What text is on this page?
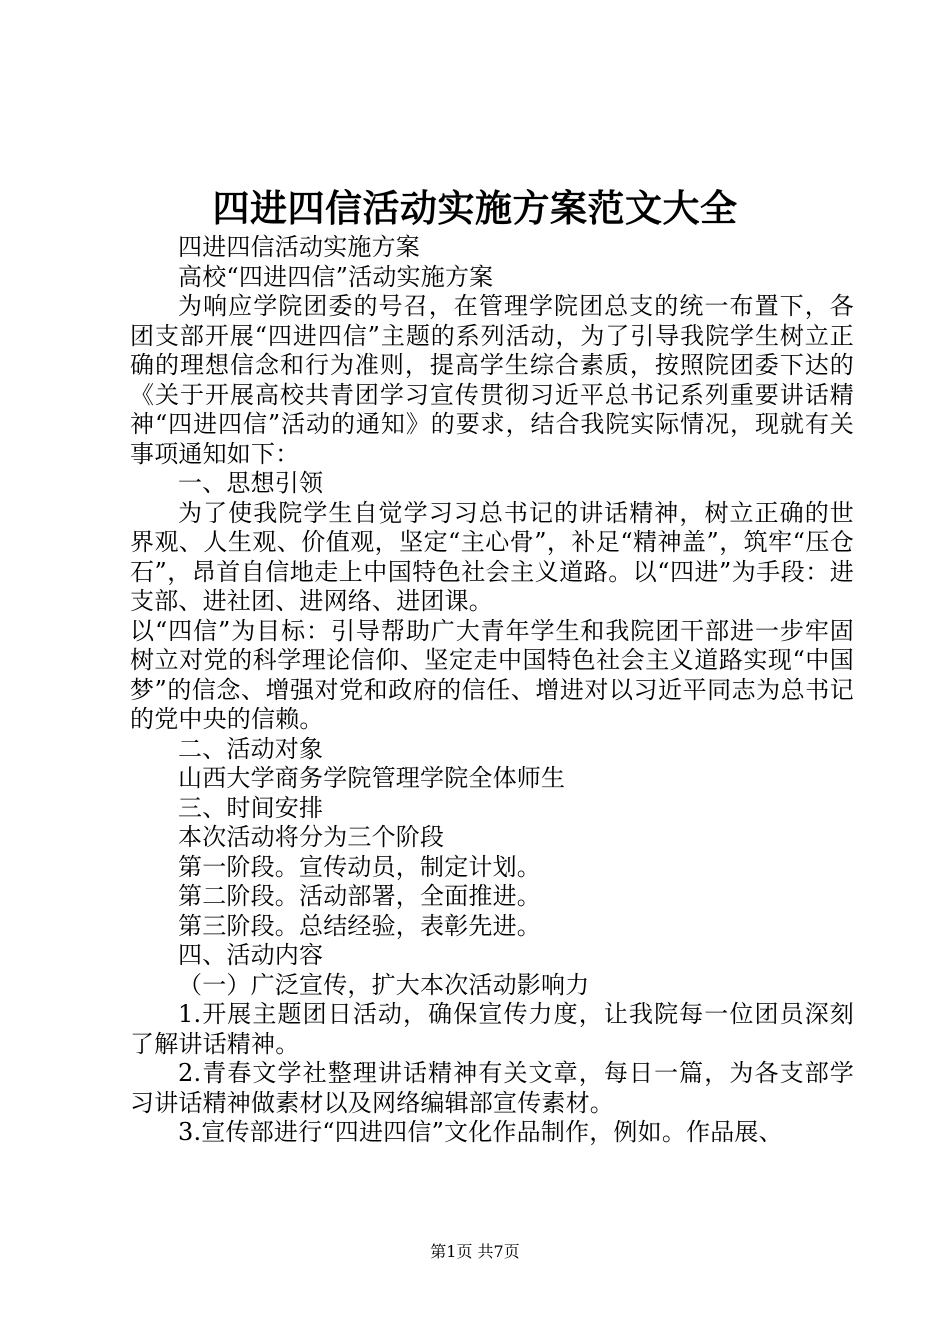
四进四信活动实施方案范文大全

四进四信活动实施方案

高校“四进四信”活动实施方案

为响应学院团委的号召，在管理学院团总支的统一布置下，各团支部开展“四进四信”主题的系列活动，为了引导我院学生树立正确的理想信念和行为准则，提高学生综合素质，按照院团委下达的《关于开展高校共青团学习宣传贯彻习近平总书记系列重要讲话精神“四进四信”活动的通知》的要求，结合我院实际情况，现就有关事项通知如下：

一、思想引领

为了使我院学生自觉学习习总书记的讲话精神，树立正确的世界观、人生观、价值观，坚定“主心骨”，补足“精神盖”，筑牢“压仓石”，昂首自信地走上中国特色社会主义道路。以“四进”为手段：进支部、进社团、进网络、进团课。

以“四信”为目标：引导帮助广大青年学生和我院团干部进一步牢固树立对党的科学理论信仰、坚定走中国特色社会主义道路实现“中国梦”的信念、增强对党和政府的信任、增进对以习近平同志为总书记的党中央的信赖。

二、活动对象

山西大学商务学院管理学院全体师生

三、时间安排

本次活动将分为三个阶段

第一阶段。宣传动员，制定计划。

第二阶段。活动部署，全面推进。

第三阶段。总结经验，表彰先进。

四、活动内容

（一）广泛宣传，扩大本次活动影响力

1.开展主题团日活动，确保宣传力度，让我院每一位团员深刻了解讲话精神。

2.青春文学社整理讲话精神有关文章，每日一篇，为各支部学习讲话精神做素材以及网络编辑部宣传素材。

3.宣传部进行“四进四信”文化作品制作，例如。作品展、

第1页 共7页
